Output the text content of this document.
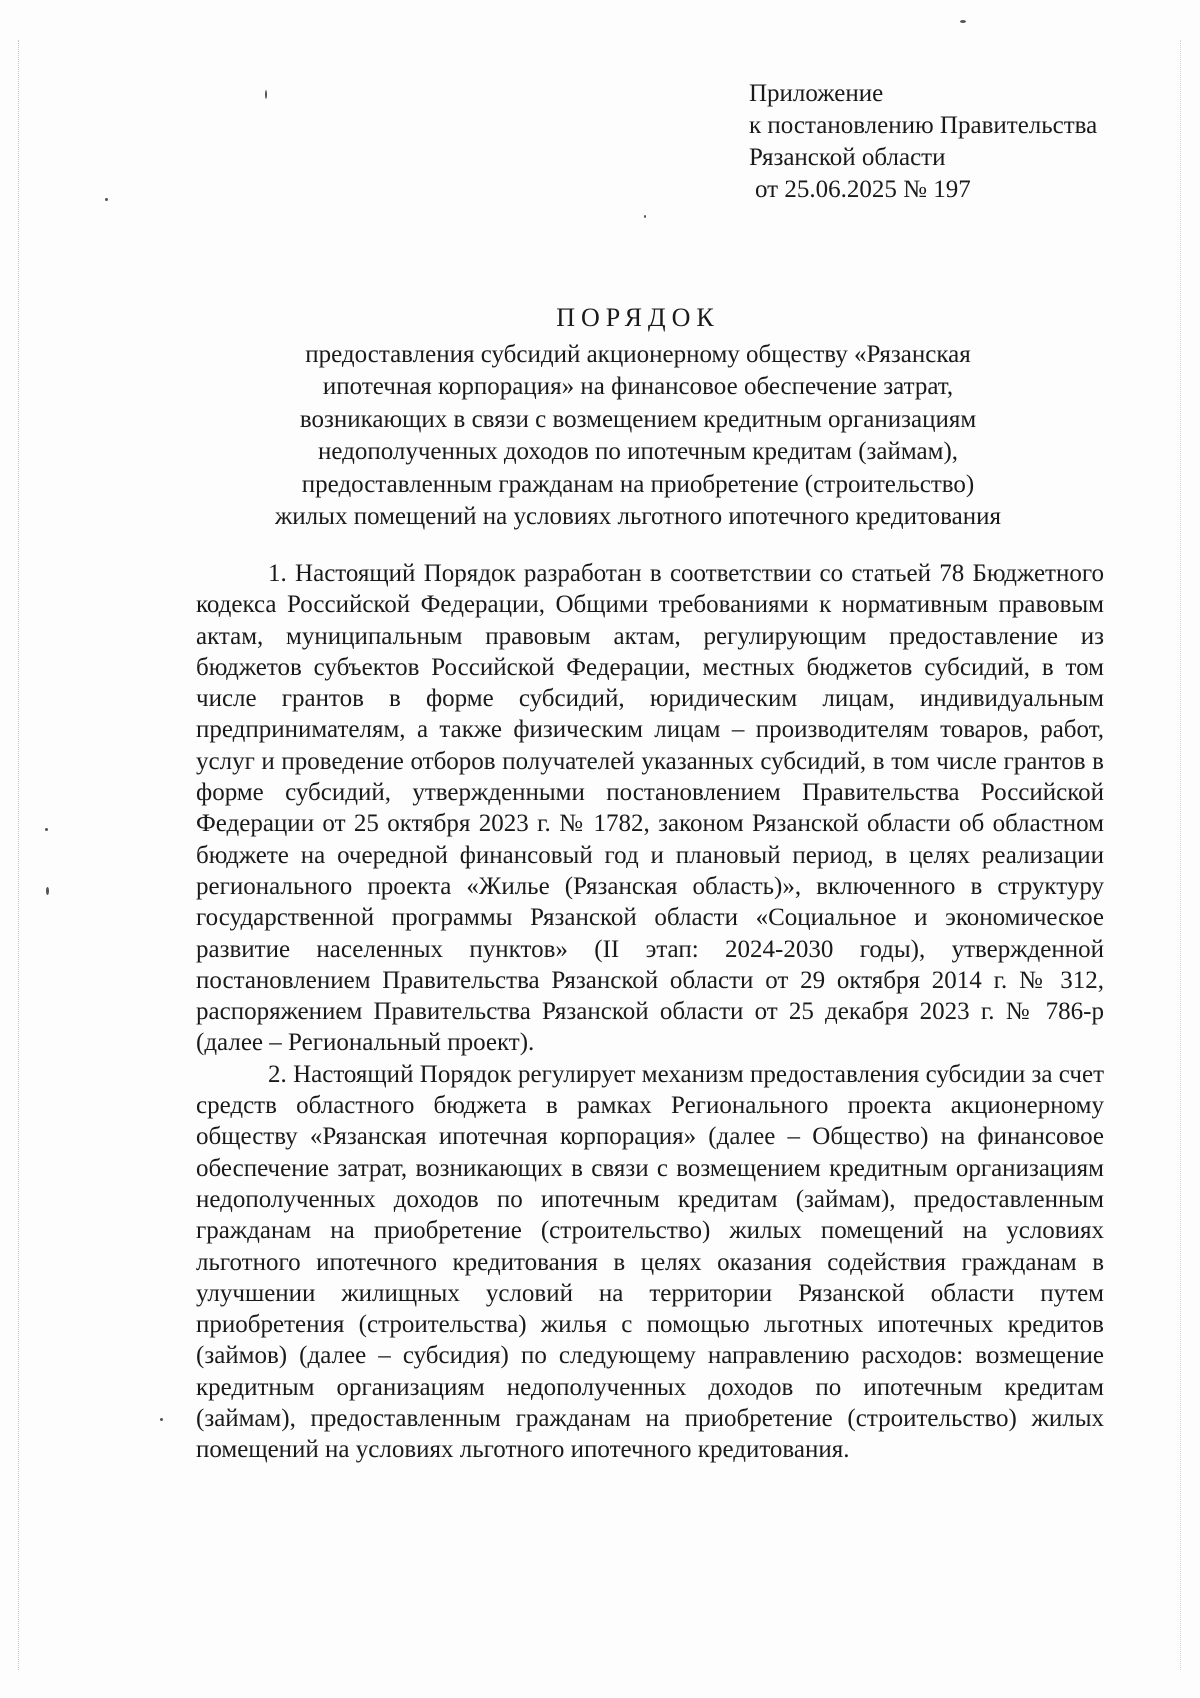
Приложение
к постановлению Правительства
Рязанской области
от 25.06.2025 № 197
ПОРЯДОК
предоставления субсидий акционерному обществу «Рязанская
ипотечная корпорация» на финансовое обеспечение затрат,
возникающих в связи с возмещением кредитным организациям
недополученных доходов по ипотечным кредитам (займам),
предоставленным гражданам на приобретение (строительство)
жилых помещений на условиях льготного ипотечного кредитования

1. Настоящий Порядок разработан в соответствии со статьей 78 Бюджетного кодекса Российской Федерации, Общими требованиями к нормативным правовым актам, муниципальным правовым актам, регулирующим предоставление из бюджетов субъектов Российской Федерации, местных бюджетов субсидий, в том числе грантов в форме субсидий, юридическим лицам, индивидуальным предпринимателям, а также физическим лицам – производителям товаров, работ, услуг и проведение отборов получателей указанных субсидий, в том числе грантов в форме субсидий, утвержденными постановлением Правительства Российской Федерации от 25 октября 2023 г. № 1782, законом Рязанской области об областном бюджете на очередной финансовый год и плановый период, в целях реализации регионального проекта «Жилье (Рязанская область)», включенного в структуру государственной программы Рязанской области «Социальное и экономическое развитие населенных пунктов» (II этап: 2024-2030 годы), утвержденной постановлением Правительства Рязанской области от 29 октября 2014 г. № 312, распоряжением Правительства Рязанской области от 25 декабря 2023 г. № 786-р (далее – Региональный проект).

2. Настоящий Порядок регулирует механизм предоставления субсидии за счет средств областного бюджета в рамках Регионального проекта акционерному обществу «Рязанская ипотечная корпорация» (далее – Общество) на финансовое обеспечение затрат, возникающих в связи с возмещением кредитным организациям недополученных доходов по ипотечным кредитам (займам), предоставленным гражданам на приобретение (строительство) жилых помещений на условиях льготного ипотечного кредитования в целях оказания содействия гражданам в улучшении жилищных условий на территории Рязанской области путем приобретения (строительства) жилья с помощью льготных ипотечных кредитов (займов) (далее – субсидия) по следующему направлению расходов: возмещение кредитным организациям недополученных доходов по ипотечным кредитам (займам), предоставленным гражданам на приобретение (строительство) жилых помещений на условиях льготного ипотечного кредитования.
